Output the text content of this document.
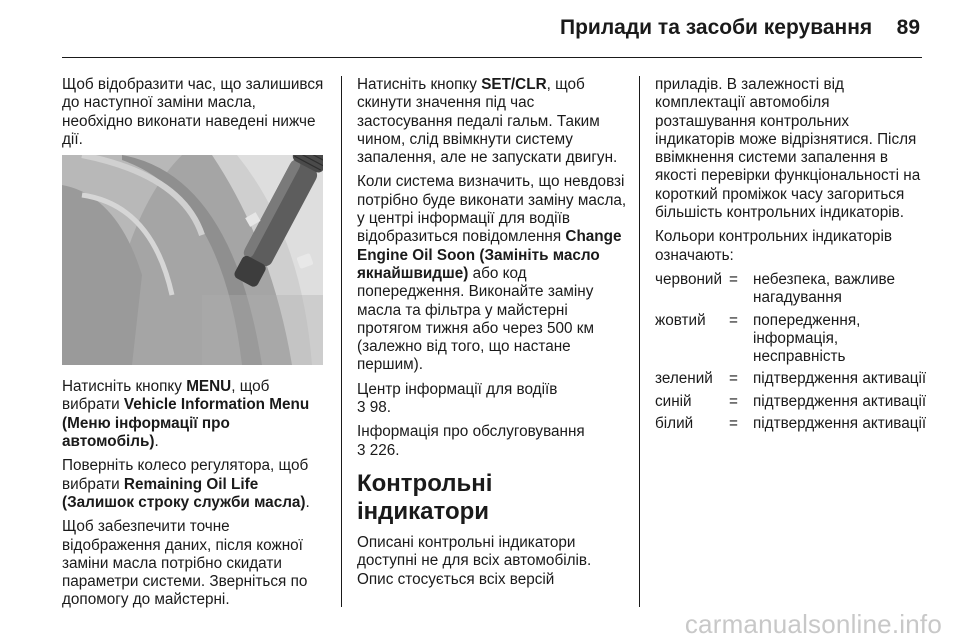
Прилади та засоби керування 89

Щоб відобразити час, що залишився до наступної заміни масла, необхідно виконати наведені нижче дії.

Натисніть кнопку MENU, щоб вибрати Vehicle Information Menu (Меню інформації про автомобіль).

Поверніть колесо регулятора, щоб вибрати Remaining Oil Life (Залишок строку служби масла).

Щоб забезпечити точне відображення даних, після кожної заміни масла потрібно скидати параметри системи. Зверніться по допомогу до майстерні.

Натисніть кнопку SET/CLR, щоб скинути значення під час застосування педалі гальм. Таким чином, слід ввімкнути систему запалення, але не запускати двигун.

Коли система визначить, що невдовзі потрібно буде виконати заміну масла, у центрі інформації для водіїв відобразиться повідомлення Change Engine Oil Soon (Замініть масло якнайшвидше) або код попередження. Виконайте заміну масла та фільтра у майстерні протягом тижня або через 500 км (залежно від того, що настане першим).

Центр інформації для водіїв
3 98.

Інформація про обслуговування
3 226.

Контрольні індикатори

Описані контрольні індикатори доступні не для всіх автомобілів. Опис стосується всіх версій

приладів. В залежності від комплектації автомобіля розташування контрольних індикаторів може відрізнятися. Після ввімкнення системи запалення в якості перевірки функціональності на короткий проміжок часу загориться більшість контрольних індикаторів.

Кольори контрольних індикаторів означають:

червоний = небезпека, важливе нагадування
жовтий	= попередження, інформація, несправність
зелений	= підтвердження активації
синій	= підтвердження активації
білий	= підтвердження активації
carmanualsonline.info
